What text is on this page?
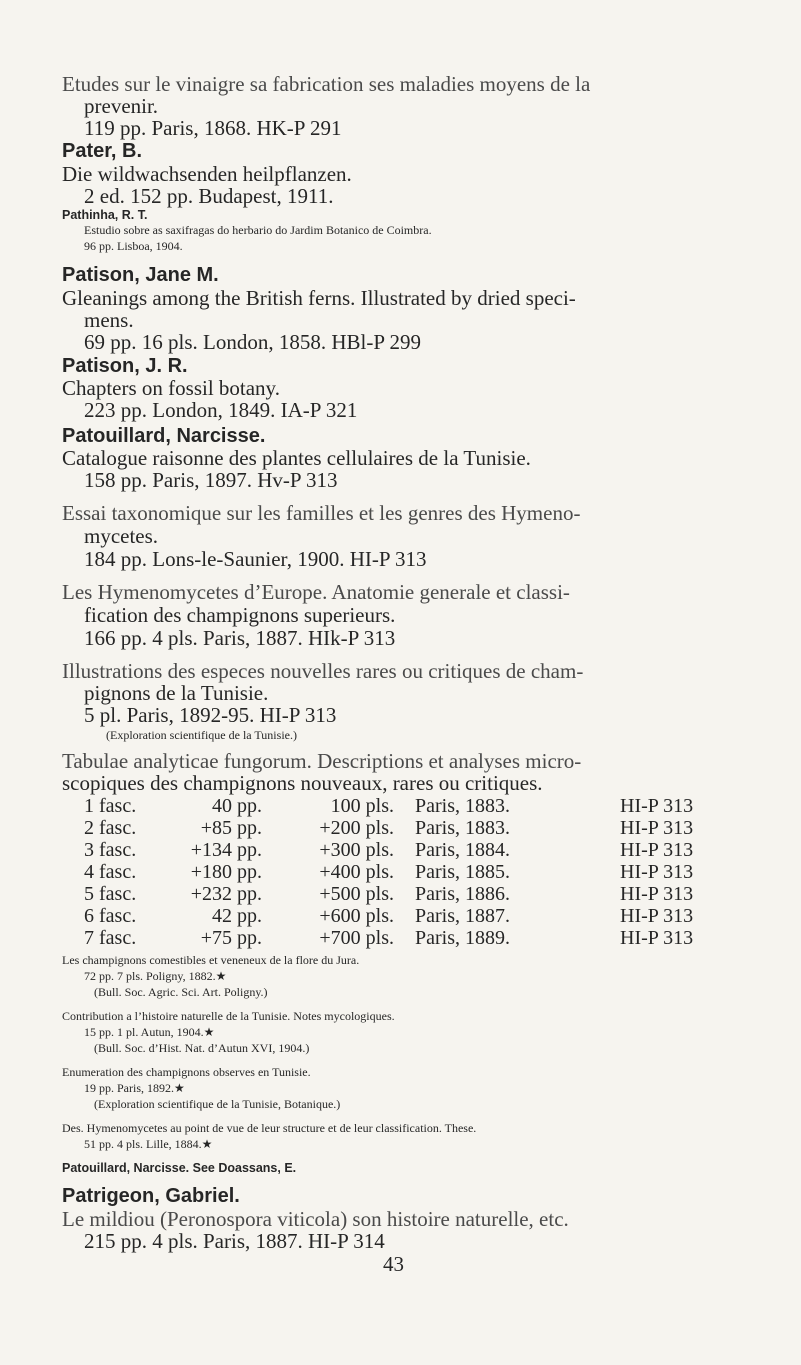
Etudes sur le vinaigre sa fabrication ses maladies moyens de la
prevenir.
119 pp. Paris, 1868. HK-P 291
Pater, B.
Die wildwachsenden heilpflanzen.
2 ed. 152 pp. Budapest, 1911.
Pathinha, R. T.
Estudio sobre as saxifragas do herbario do Jardim Botanico de Coimbra.
96 pp. Lisboa, 1904.
Patison, Jane M.
Gleanings among the British ferns. Illustrated by dried speci-
mens.
69 pp. 16 pls. London, 1858. HBl-P 299
Patison, J. R.
Chapters on fossil botany.
223 pp. London, 1849. IA-P 321
Patouillard, Narcisse.
Catalogue raisonne des plantes cellulaires de la Tunisie.
158 pp. Paris, 1897. Hv-P 313
Essai taxonomique sur les familles et les genres des Hymeno-
mycetes.
184 pp. Lons-le-Saunier, 1900. HI-P 313
Les Hymenomycetes d’Europe. Anatomie generale et classi-
fication des champignons superieurs.
166 pp. 4 pls. Paris, 1887. HIk-P 313
Illustrations des especes nouvelles rares ou critiques de cham-
pignons de la Tunisie.
5 pl. Paris, 1892-95. HI-P 313
(Exploration scientifique de la Tunisie.)
Tabulae analyticae fungorum. Descriptions et analyses micro-
scopiques des champignons nouveaux, rares ou critiques.
1 fasc.	40 pp.	100 pls. Paris, 1883.	HI-P 313
2 fasc.	+85 pp.	+200 pls. Paris, 1883.	HI-P 313
3 fasc.	+134 pp.	+300 pls. Paris, 1884.	HI-P 313
4 fasc.	+180 pp.	+400 pls. Paris, 1885.	HI-P 313
5 fasc.	+232 pp.	+500 pls. Paris, 1886.	HI-P 313
6 fasc.	42 pp.	+600 pls. Paris, 1887.	HI-P 313
7 fasc.	+75 pp.	+700 pls. Paris, 1889.	HI-P 313
Les champignons comestibles et veneneux de la flore du Jura.
72 pp. 7 pls. Poligny, 1882.★
(Bull. Soc. Agric. Sci. Art. Poligny.)
Contribution a l’histoire naturelle de la Tunisie. Notes mycologiques.
15 pp. 1 pl. Autun, 1904.★
(Bull. Soc. d’Hist. Nat. d’Autun XVI, 1904.)
Enumeration des champignons observes en Tunisie.
19 pp. Paris, 1892.★
(Exploration scientifique de la Tunisie, Botanique.)
Des. Hymenomycetes au point de vue de leur structure et de leur classification. These.
51 pp. 4 pls. Lille, 1884.★
Patouillard, Narcisse. See Doassans, E.
Patrigeon, Gabriel.
Le mildiou (Peronospora viticola) son histoire naturelle, etc.
215 pp. 4 pls. Paris, 1887. HI-P 314
43
